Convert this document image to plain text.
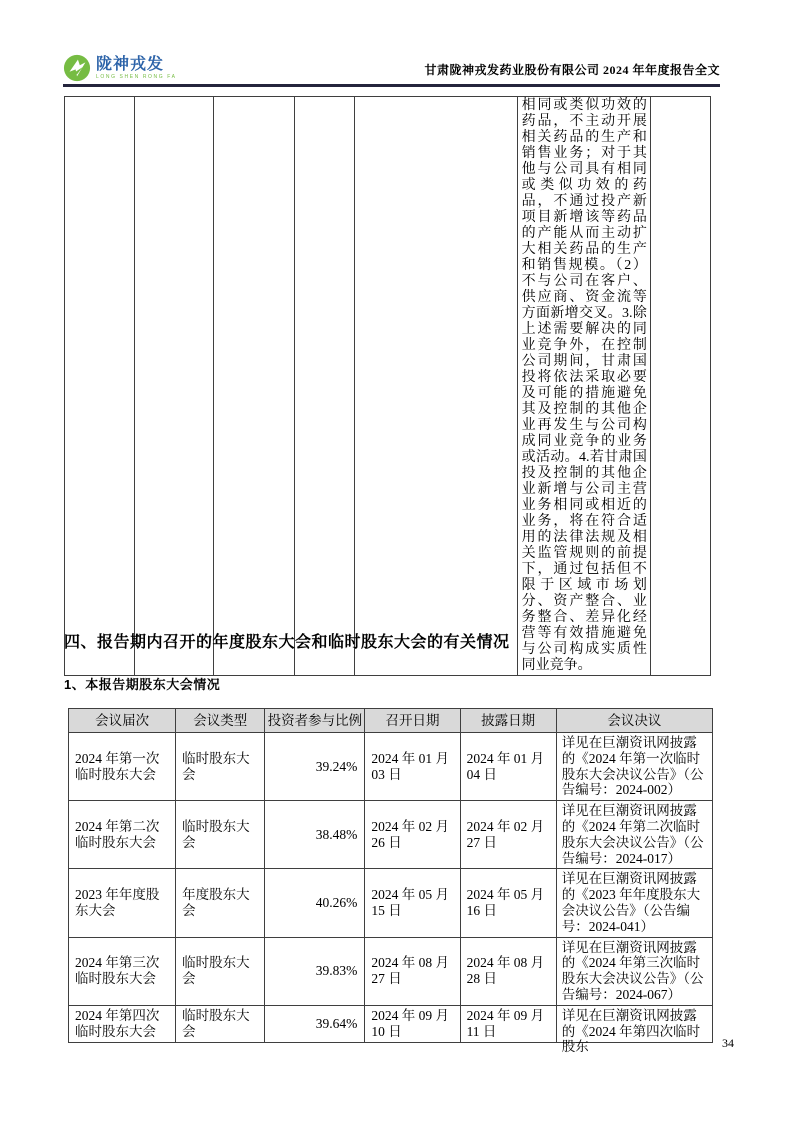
陇神戎发
LONG SHEN RONG FA	甘肃陇神戎发药业股份有限公司 2024 年年度报告全文
					相同或类似功效的药品，不主动开展相关药品的生产和销售业务；对于其他与公司具有相同或类似功效的药品，不通过投产新项目新增该等药品的产能从而主动扩大相关药品的生产和销售规模。（2）不与公司在客户、供应商、资金流等方面新增交叉。3.除上述需要解决的同业竞争外，在控制公司期间，甘肃国投将依法采取必要及可能的措施避免其及控制的其他企业再发生与公司构成同业竞争的业务或活动。4.若甘肃国投及控制的其他企业新增与公司主营业务相同或相近的业务，将在符合适用的法律法规及相关监管规则的前提下，通过包括但不限于区域市场划分、资产整合、业务整合、差异化经营等有效措施避免与公司构成实质性同业竞争。	
四、报告期内召开的年度股东大会和临时股东大会的有关情况
1、本报告期股东大会情况
会议届次	会议类型	投资者参与比例	召开日期	披露日期	会议决议
2024 年第一次临时股东大会	临时股东大会	39.24%	2024 年 01 月 03 日	2024 年 01 月 04 日	详见在巨潮资讯网披露的《2024 年第一次临时股东大会决议公告》（公告编号：2024-002）
2024 年第二次临时股东大会	临时股东大会	38.48%	2024 年 02 月 26 日	2024 年 02 月 27 日	详见在巨潮资讯网披露的《2024 年第二次临时股东大会决议公告》（公告编号：2024-017）
2023 年年度股东大会	年度股东大会	40.26%	2024 年 05 月 15 日	2024 年 05 月 16 日	详见在巨潮资讯网披露的《2023 年年度股东大会决议公告》（公告编号：2024-041）
2024 年第三次临时股东大会	临时股东大会	39.83%	2024 年 08 月 27 日	2024 年 08 月 28 日	详见在巨潮资讯网披露的《2024 年第三次临时股东大会决议公告》（公告编号：2024-067）
2024 年第四次临时股东大会	临时股东大会	39.64%	2024 年 09 月 10 日	2024 年 09 月 11 日	详见在巨潮资讯网披露的《2024 年第四次临时股东	34
